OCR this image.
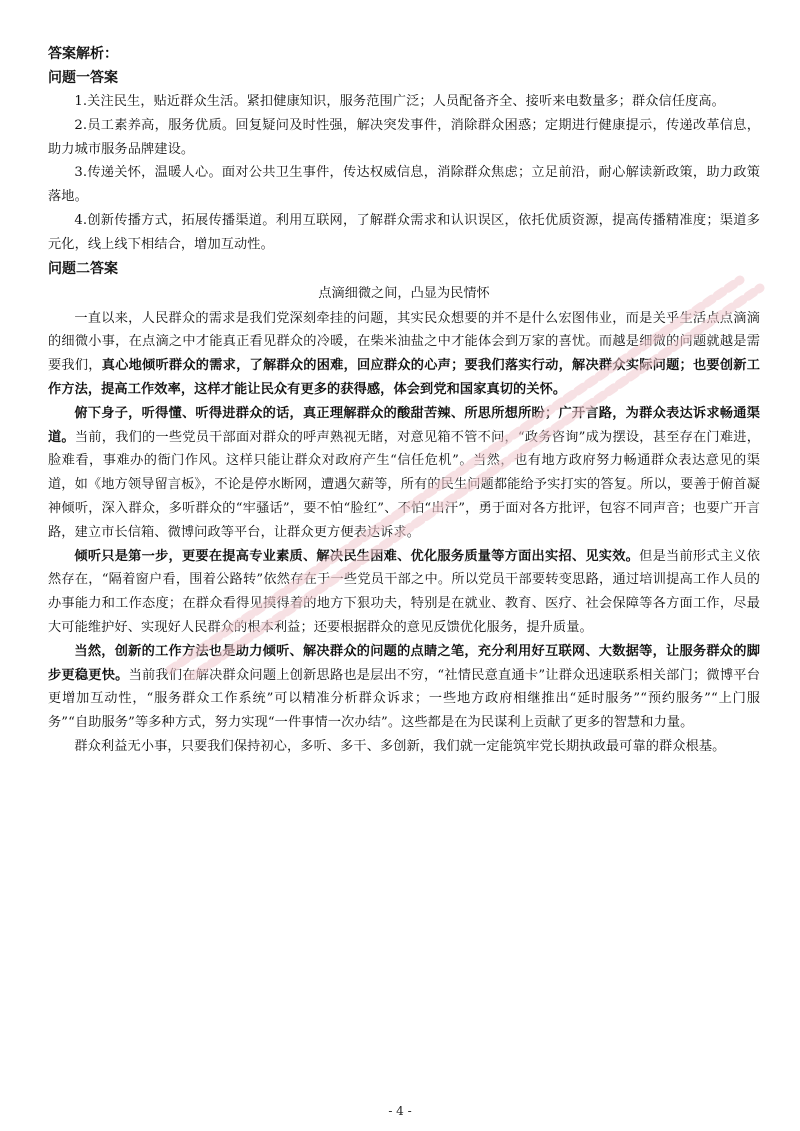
答案解析：

问题一答案

1.关注民生，贴近群众生活。紧扣健康知识，服务范围广泛；人员配备齐全、接听来电数量多；群众信任度高。

2.员工素养高，服务优质。回复疑问及时性强，解决突发事件，消除群众困惑；定期进行健康提示，传递改革信息，助力城市服务品牌建设。

3.传递关怀，温暖人心。面对公共卫生事件，传达权威信息，消除群众焦虑；立足前沿，耐心解读新政策，助力政策落地。

4.创新传播方式，拓展传播渠道。利用互联网，了解群众需求和认识误区，依托优质资源，提高传播精准度；渠道多元化，线上线下相结合，增加互动性。

问题二答案

点滴细微之间，凸显为民情怀

一直以来，人民群众的需求是我们党深刻牵挂的问题，其实民众想要的并不是什么宏图伟业，而是关乎生活点点滴滴的细微小事，在点滴之中才能真正看见群众的冷暖，在柴米油盐之中才能体会到万家的喜忧。而越是细微的问题就越是需要我们，真心地倾听群众的需求，了解群众的困难，回应群众的心声；要我们落实行动，解决群众实际问题；也要创新工作方法，提高工作效率，这样才能让民众有更多的获得感，体会到党和国家真切的关怀。

俯下身子，听得懂、听得进群众的话，真正理解群众的酸甜苦辣、所思所想所盼；广开言路，为群众表达诉求畅通渠道。当前，我们的一些党员干部面对群众的呼声熟视无睹，对意见箱不管不问，“政务咨询”成为摆设，甚至存在门难进，脸难看，事难办的衙门作风。这样只能让群众对政府产生“信任危机”。当然，也有地方政府努力畅通群众表达意见的渠道，如《地方领导留言板》，不论是停水断网，遭遇欠薪等，所有的民生问题都能给予实打实的答复。所以，要善于俯首凝神倾听，深入群众，多听群众的“牢骚话”，要不怕“脸红”、不怕“出汗”，勇于面对各方批评，包容不同声音；也要广开言路，建立市长信箱、微博问政等平台，让群众更方便表达诉求。

倾听只是第一步，更要在提高专业素质、解决民生困难、优化服务质量等方面出实招、见实效。但是当前形式主义依然存在，“隔着窗户看，围着公路转”依然存在于一些党员干部之中。所以党员干部要转变思路，通过培训提高工作人员的办事能力和工作态度；在群众看得见摸得着的地方下狠功夫，特别是在就业、教育、医疗、社会保障等各方面工作，尽最大可能维护好、实现好人民群众的根本利益；还要根据群众的意见反馈优化服务，提升质量。

当然，创新的工作方法也是助力倾听、解决群众的问题的点睛之笔，充分利用好互联网、大数据等，让服务群众的脚步更稳更快。当前我们在解决群众问题上创新思路也是层出不穷，“社情民意直通卡”让群众迅速联系相关部门；微博平台更增加互动性，“服务群众工作系统”可以精准分析群众诉求；一些地方政府相继推出“延时服务”“预约服务”“上门服务”“自助服务”等多种方式，努力实现“一件事情一次办结”。这些都是在为民谋利上贡献了更多的智慧和力量。

群众利益无小事，只要我们保持初心，多听、多干、多创新，我们就一定能筑牢党长期执政最可靠的群众根基。

- 4 -
